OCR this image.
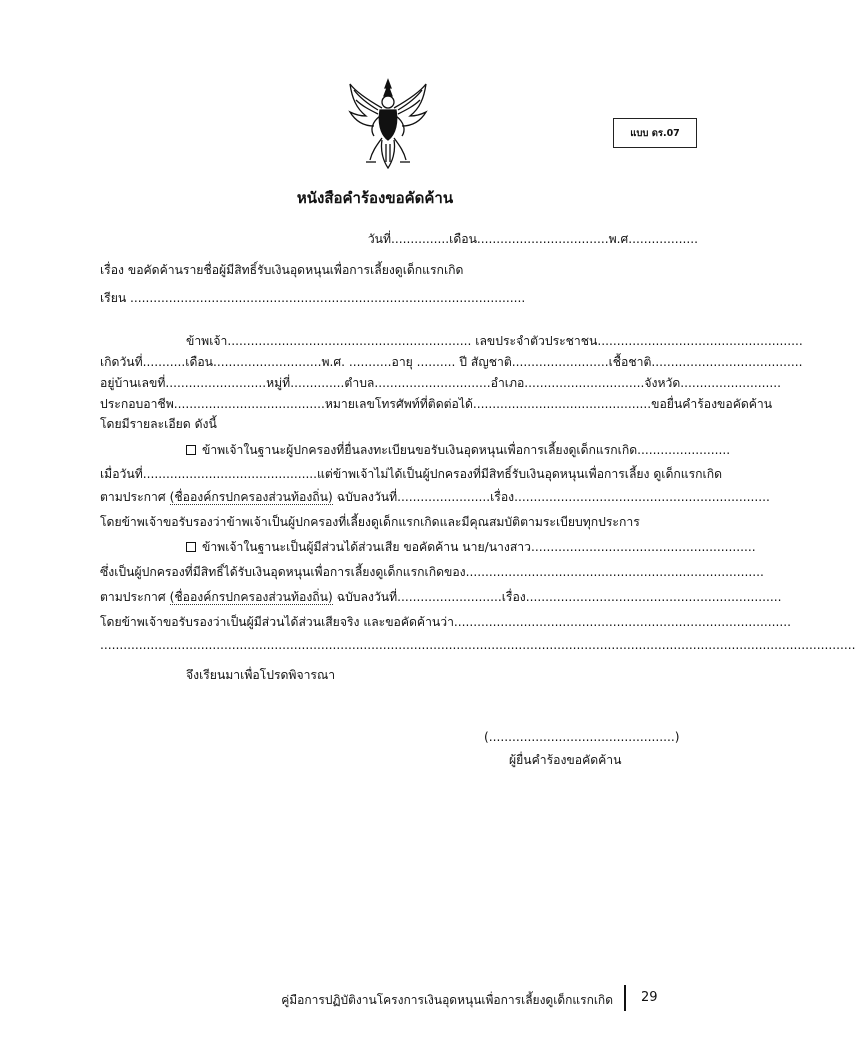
แบบ ดร.07
หนังสือคำร้องขอคัดค้าน
วันที่...............เดือน..................................พ.ศ..................
เรื่อง ขอคัดค้านรายชื่อผู้มีสิทธิ์รับเงินอุดหนุนเพื่อการเลี้ยงดูเด็กแรกเกิด
เรียน ......................................................................................................
ข้าพเจ้า............................................................... เลขประจำตัวประชาชน.....................................................
เกิดวันที่...........เดือน............................พ.ศ. ...........อายุ .......... ปี สัญชาติ.........................เชื้อชาติ.......................................
อยู่บ้านเลขที่..........................หมู่ที่..............ตำบล..............................อำเภอ...............................จังหวัด..........................
ประกอบอาชีพ.......................................หมายเลขโทรศัพท์ที่ติดต่อได้..............................................ขอยื่นคำร้องขอคัดค้าน
โดยมีรายละเอียด ดังนี้
ข้าพเจ้าในฐานะผู้ปกครองที่ยื่นลงทะเบียนขอรับเงินอุดหนุนเพื่อการเลี้ยงดูเด็กแรกเกิด........................
เมื่อวันที่.............................................แต่ข้าพเจ้าไม่ได้เป็นผู้ปกครองที่มีสิทธิ์รับเงินอุดหนุนเพื่อการเลี้ยง ดูเด็กแรกเกิด
ตามประกาศ (ชื่อองค์กรปกครองส่วนท้องถิ่น) ฉบับลงวันที่........................เรื่อง..................................................................
โดยข้าพเจ้าขอรับรองว่าข้าพเจ้าเป็นผู้ปกครองที่เลี้ยงดูเด็กแรกเกิดและมีคุณสมบัติตามระเบียบทุกประการ
ข้าพเจ้าในฐานะเป็นผู้มีส่วนได้ส่วนเสีย ขอคัดค้าน นาย/นางสาว..........................................................
ซึ่งเป็นผู้ปกครองที่มีสิทธิ์ได้รับเงินอุดหนุนเพื่อการเลี้ยงดูเด็กแรกเกิดของ.............................................................................
ตามประกาศ (ชื่อองค์กรปกครองส่วนท้องถิ่น) ฉบับลงวันที่...........................เรื่อง..................................................................
โดยข้าพเจ้าขอรับรองว่าเป็นผู้มีส่วนได้ส่วนเสียจริง และขอคัดค้านว่า.......................................................................................
...................................................................................................................................................................................................
จึงเรียนมาเพื่อโปรดพิจารณา
(................................................)
ผู้ยื่นคำร้องขอคัดค้าน
คู่มือการปฏิบัติงานโครงการเงินอุดหนุนเพื่อการเลี้ยงดูเด็กแรกเกิด 29
